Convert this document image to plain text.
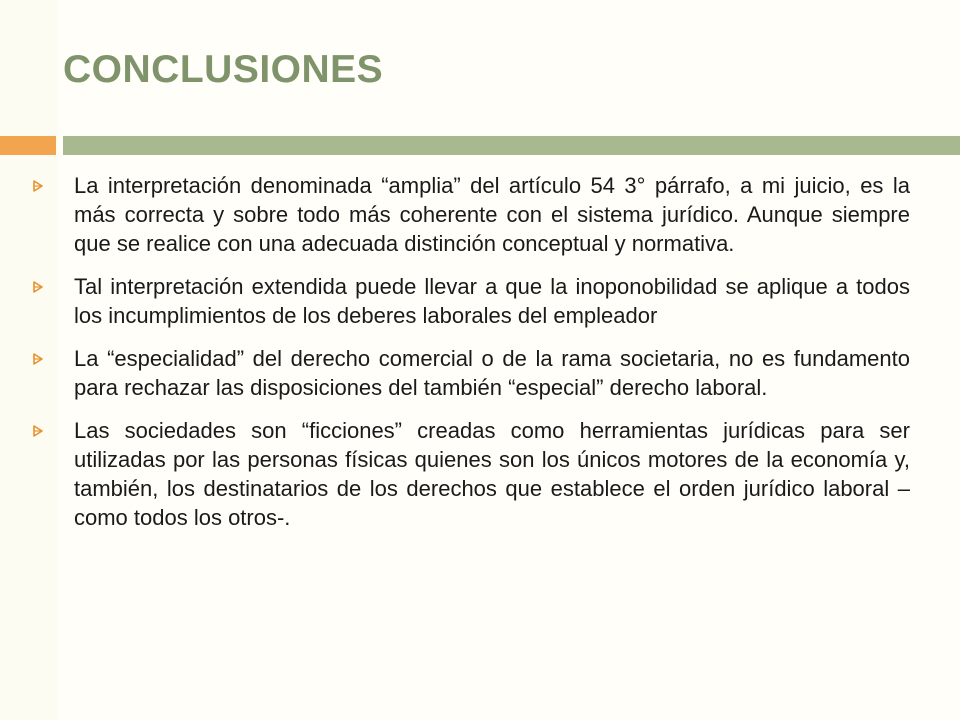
CONCLUSIONES
La interpretación denominada “amplia” del artículo 54 3° párrafo, a mi juicio, es la más correcta y sobre todo más coherente con el sistema jurídico. Aunque siempre que se realice con una adecuada distinción conceptual y normativa.
Tal interpretación extendida puede llevar a que la inoponobilidad se aplique a todos los incumplimientos de los deberes laborales del empleador
La “especialidad” del derecho comercial o de la rama societaria, no es fundamento para rechazar las disposiciones del también “especial” derecho laboral.
Las sociedades son “ficciones” creadas como herramientas jurídicas para ser utilizadas por las personas físicas quienes son los únicos motores de la economía y, también, los destinatarios de los derechos que establece el orden jurídico laboral –como todos los otros-.
